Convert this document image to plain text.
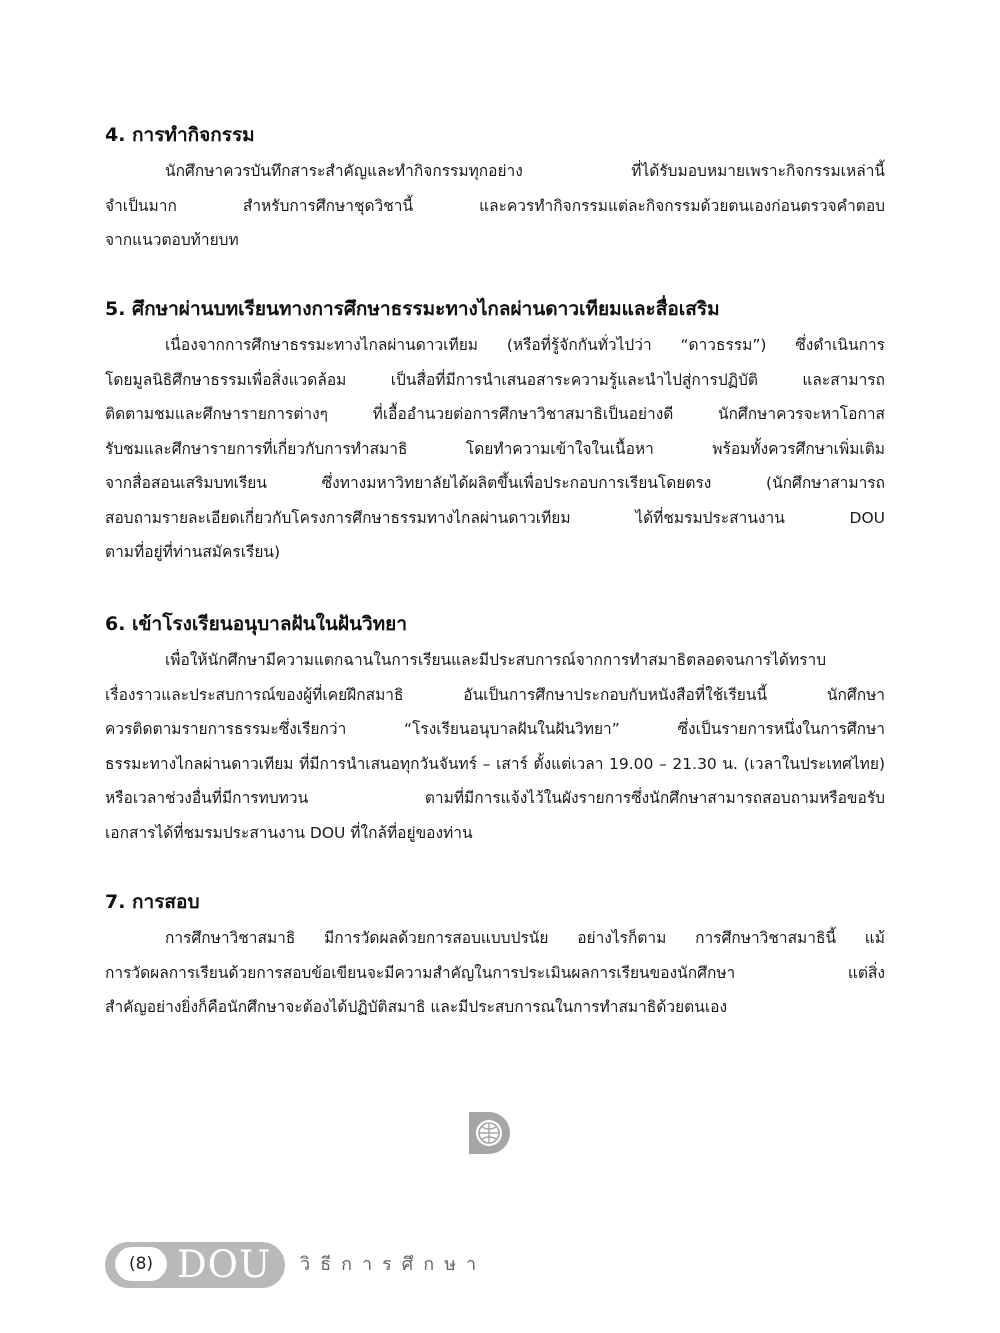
4. การทำกิจกรรม
นักศึกษาควรบันทึกสาระสำคัญและทำกิจกรรมทุกอย่าง ที่ได้รับมอบหมายเพราะกิจกรรมเหล่านี้
จำเป็นมาก สำหรับการศึกษาชุดวิชานี้ และควรทำกิจกรรมแต่ละกิจกรรมด้วยตนเองก่อนตรวจคำตอบ
จากแนวตอบท้ายบท
5. ศึกษาผ่านบทเรียนทางการศึกษาธรรมะทางไกลผ่านดาวเทียมและสื่อเสริม
เนื่องจากการศึกษาธรรมะทางไกลผ่านดาวเทียม (หรือที่รู้จักกันทั่วไปว่า “ดาวธรรม”) ซึ่งดำเนินการ
โดยมูลนิธิศึกษาธรรมเพื่อสิ่งแวดล้อม เป็นสื่อที่มีการนำเสนอสาระความรู้และนำไปสู่การปฏิบัติ และสามารถ
ติดตามชมและศึกษารายการต่างๆ ที่เอื้ออำนวยต่อการศึกษาวิชาสมาธิเป็นอย่างดี นักศึกษาควรจะหาโอกาส
รับชมและศึกษารายการที่เกี่ยวกับการทำสมาธิ โดยทำความเข้าใจในเนื้อหา พร้อมทั้งควรศึกษาเพิ่มเติม
จากสื่อสอนเสริมบทเรียน ซึ่งทางมหาวิทยาลัยได้ผลิตขึ้นเพื่อประกอบการเรียนโดยตรง (นักศึกษาสามารถ
สอบถามรายละเอียดเกี่ยวกับโครงการศึกษาธรรมทางไกลผ่านดาวเทียม ได้ที่ชมรมประสานงาน DOU
ตามที่อยู่ที่ท่านสมัครเรียน)
6. เข้าโรงเรียนอนุบาลฝันในฝันวิทยา
เพื่อให้นักศึกษามีความแตกฉานในการเรียนและมีประสบการณ์จากการทำสมาธิตลอดจนการได้ทราบ
เรื่องราวและประสบการณ์ของผู้ที่เคยฝึกสมาธิ อันเป็นการศึกษาประกอบกับหนังสือที่ใช้เรียนนี้ นักศึกษา
ควรติดตามรายการธรรมะซึ่งเรียกว่า “โรงเรียนอนุบาลฝันในฝันวิทยา” ซึ่งเป็นรายการหนึ่งในการศึกษา
ธรรมะทางไกลผ่านดาวเทียม ที่มีการนำเสนอทุกวันจันทร์ – เสาร์ ตั้งแต่เวลา 19.00 – 21.30 น. (เวลาในประเทศไทย)
หรือเวลาช่วงอื่นที่มีการทบทวน ตามที่มีการแจ้งไว้ในผังรายการซึ่งนักศึกษาสามารถสอบถามหรือขอรับ
เอกสารได้ที่ชมรมประสานงาน DOU ที่ใกล้ที่อยู่ของท่าน
7. การสอบ
การศึกษาวิชาสมาธิ มีการวัดผลด้วยการสอบแบบปรนัย อย่างไรก็ตาม การศึกษาวิชาสมาธินี้ แม้
การวัดผลการเรียนด้วยการสอบข้อเขียนจะมีความสำคัญในการประเมินผลการเรียนของนักศึกษา แต่สิ่ง
สำคัญอย่างยิ่งก็คือนักศึกษาจะต้องได้ปฏิบัติสมาธิ และมีประสบการณในการทำสมาธิด้วยตนเอง
(8) DOU วิธีการศึกษา
